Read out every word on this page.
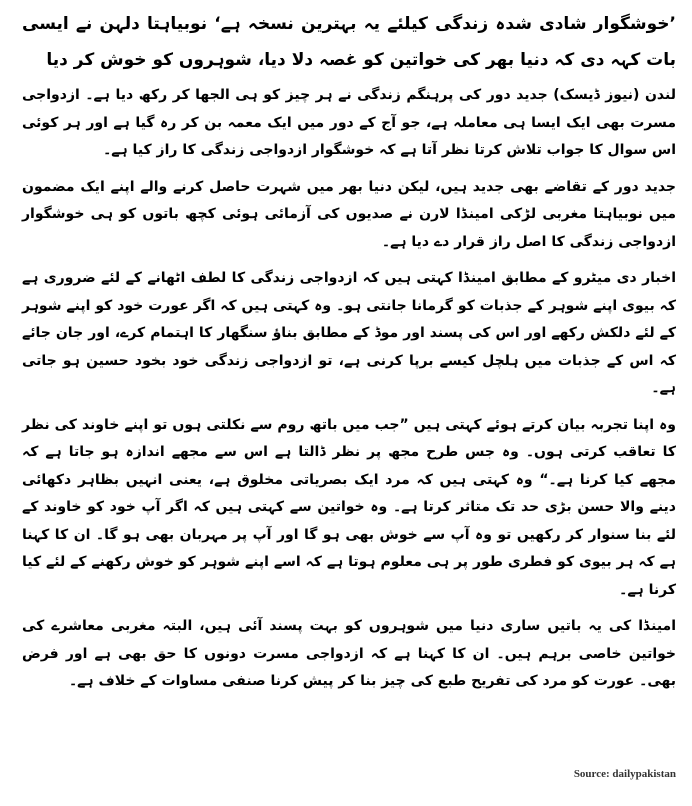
’خوشگوار شادی شدہ زندگی کیلئے یہ بہترین نسخہ ہے‘ نوبیاہتا دلہن نے ایسی بات کہہ دی کہ دنیا بھر کی خواتین کو غصہ دلا دیا، شوہروں کو خوش کر دیا

لندن (نیوز ڈیسک) جدید دور کی پرہنگم زندگی نے ہر چیز کو ہی الجھا کر رکھ دیا ہے۔ ازدواجی مسرت بھی ایک ایسا ہی معاملہ ہے، جو آج کے دور میں ایک معمہ بن کر رہ گیا ہے اور ہر کوئی اس سوال کا جواب تلاش کرتا نظر آتا ہے کہ خوشگوار ازدواجی زندگی کا راز کیا ہے۔

جدید دور کے تقاضے بھی جدید ہیں، لیکن دنیا بھر میں شہرت حاصل کرنے والے اپنے ایک مضمون میں نوبیاہتا مغربی لڑکی امینڈا لارن نے صدیوں کی آزمائی ہوئی کچھ باتوں کو ہی خوشگوار ازدواجی زندگی کا اصل راز قرار دے دیا ہے۔

اخبار دی میٹرو کے مطابق امینڈا کہتی ہیں کہ ازدواجی زندگی کا لطف اٹھانے کے لئے ضروری ہے کہ بیوی اپنے شوہر کے جذبات کو گرمانا جانتی ہو۔ وہ کہتی ہیں کہ اگر عورت خود کو اپنے شوہر کے لئے دلکش رکھے اور اس کی پسند اور موڈ کے مطابق بناؤ سنگھار کا اہتمام کرے، اور جان جائے کہ اس کے جذبات میں ہلچل کیسے برپا کرنی ہے، تو ازدواجی زندگی خود بخود حسین ہو جاتی ہے۔

وہ اپنا تجربہ بیان کرتے ہوئے کہتی ہیں ”جب میں باتھ روم سے نکلتی ہوں تو اپنے خاوند کی نظر کا تعاقب کرتی ہوں۔ وہ جس طرح مجھ پر نظر ڈالتا ہے اس سے مجھے اندازہ ہو جاتا ہے کہ مجھے کیا کرنا ہے۔“ وہ کہتی ہیں کہ مرد ایک بصریاتی مخلوق ہے، یعنی انہیں بظاہر دکھائی دینے والا حسن بڑی حد تک متاثر کرتا ہے۔ وہ خواتین سے کہتی ہیں کہ اگر آپ خود کو خاوند کے لئے بنا سنوار کر رکھیں تو وہ آپ سے خوش بھی ہو گا اور آپ پر مہربان بھی ہو گا۔ ان کا کہنا ہے کہ ہر بیوی کو فطری طور پر ہی معلوم ہوتا ہے کہ اسے اپنے شوہر کو خوش رکھنے کے لئے کیا کرنا ہے۔

امینڈا کی یہ باتیں ساری دنیا میں شوہروں کو بہت پسند آئی ہیں، البتہ مغربی معاشرے کی خواتین خاصی برہم ہیں۔ ان کا کہنا ہے کہ ازدواجی مسرت دونوں کا حق بھی ہے اور فرض بھی۔ عورت کو مرد کی تفریح طبع کی چیز بنا کر پیش کرنا صنفی مساوات کے خلاف ہے۔

Source: dailypakistan
